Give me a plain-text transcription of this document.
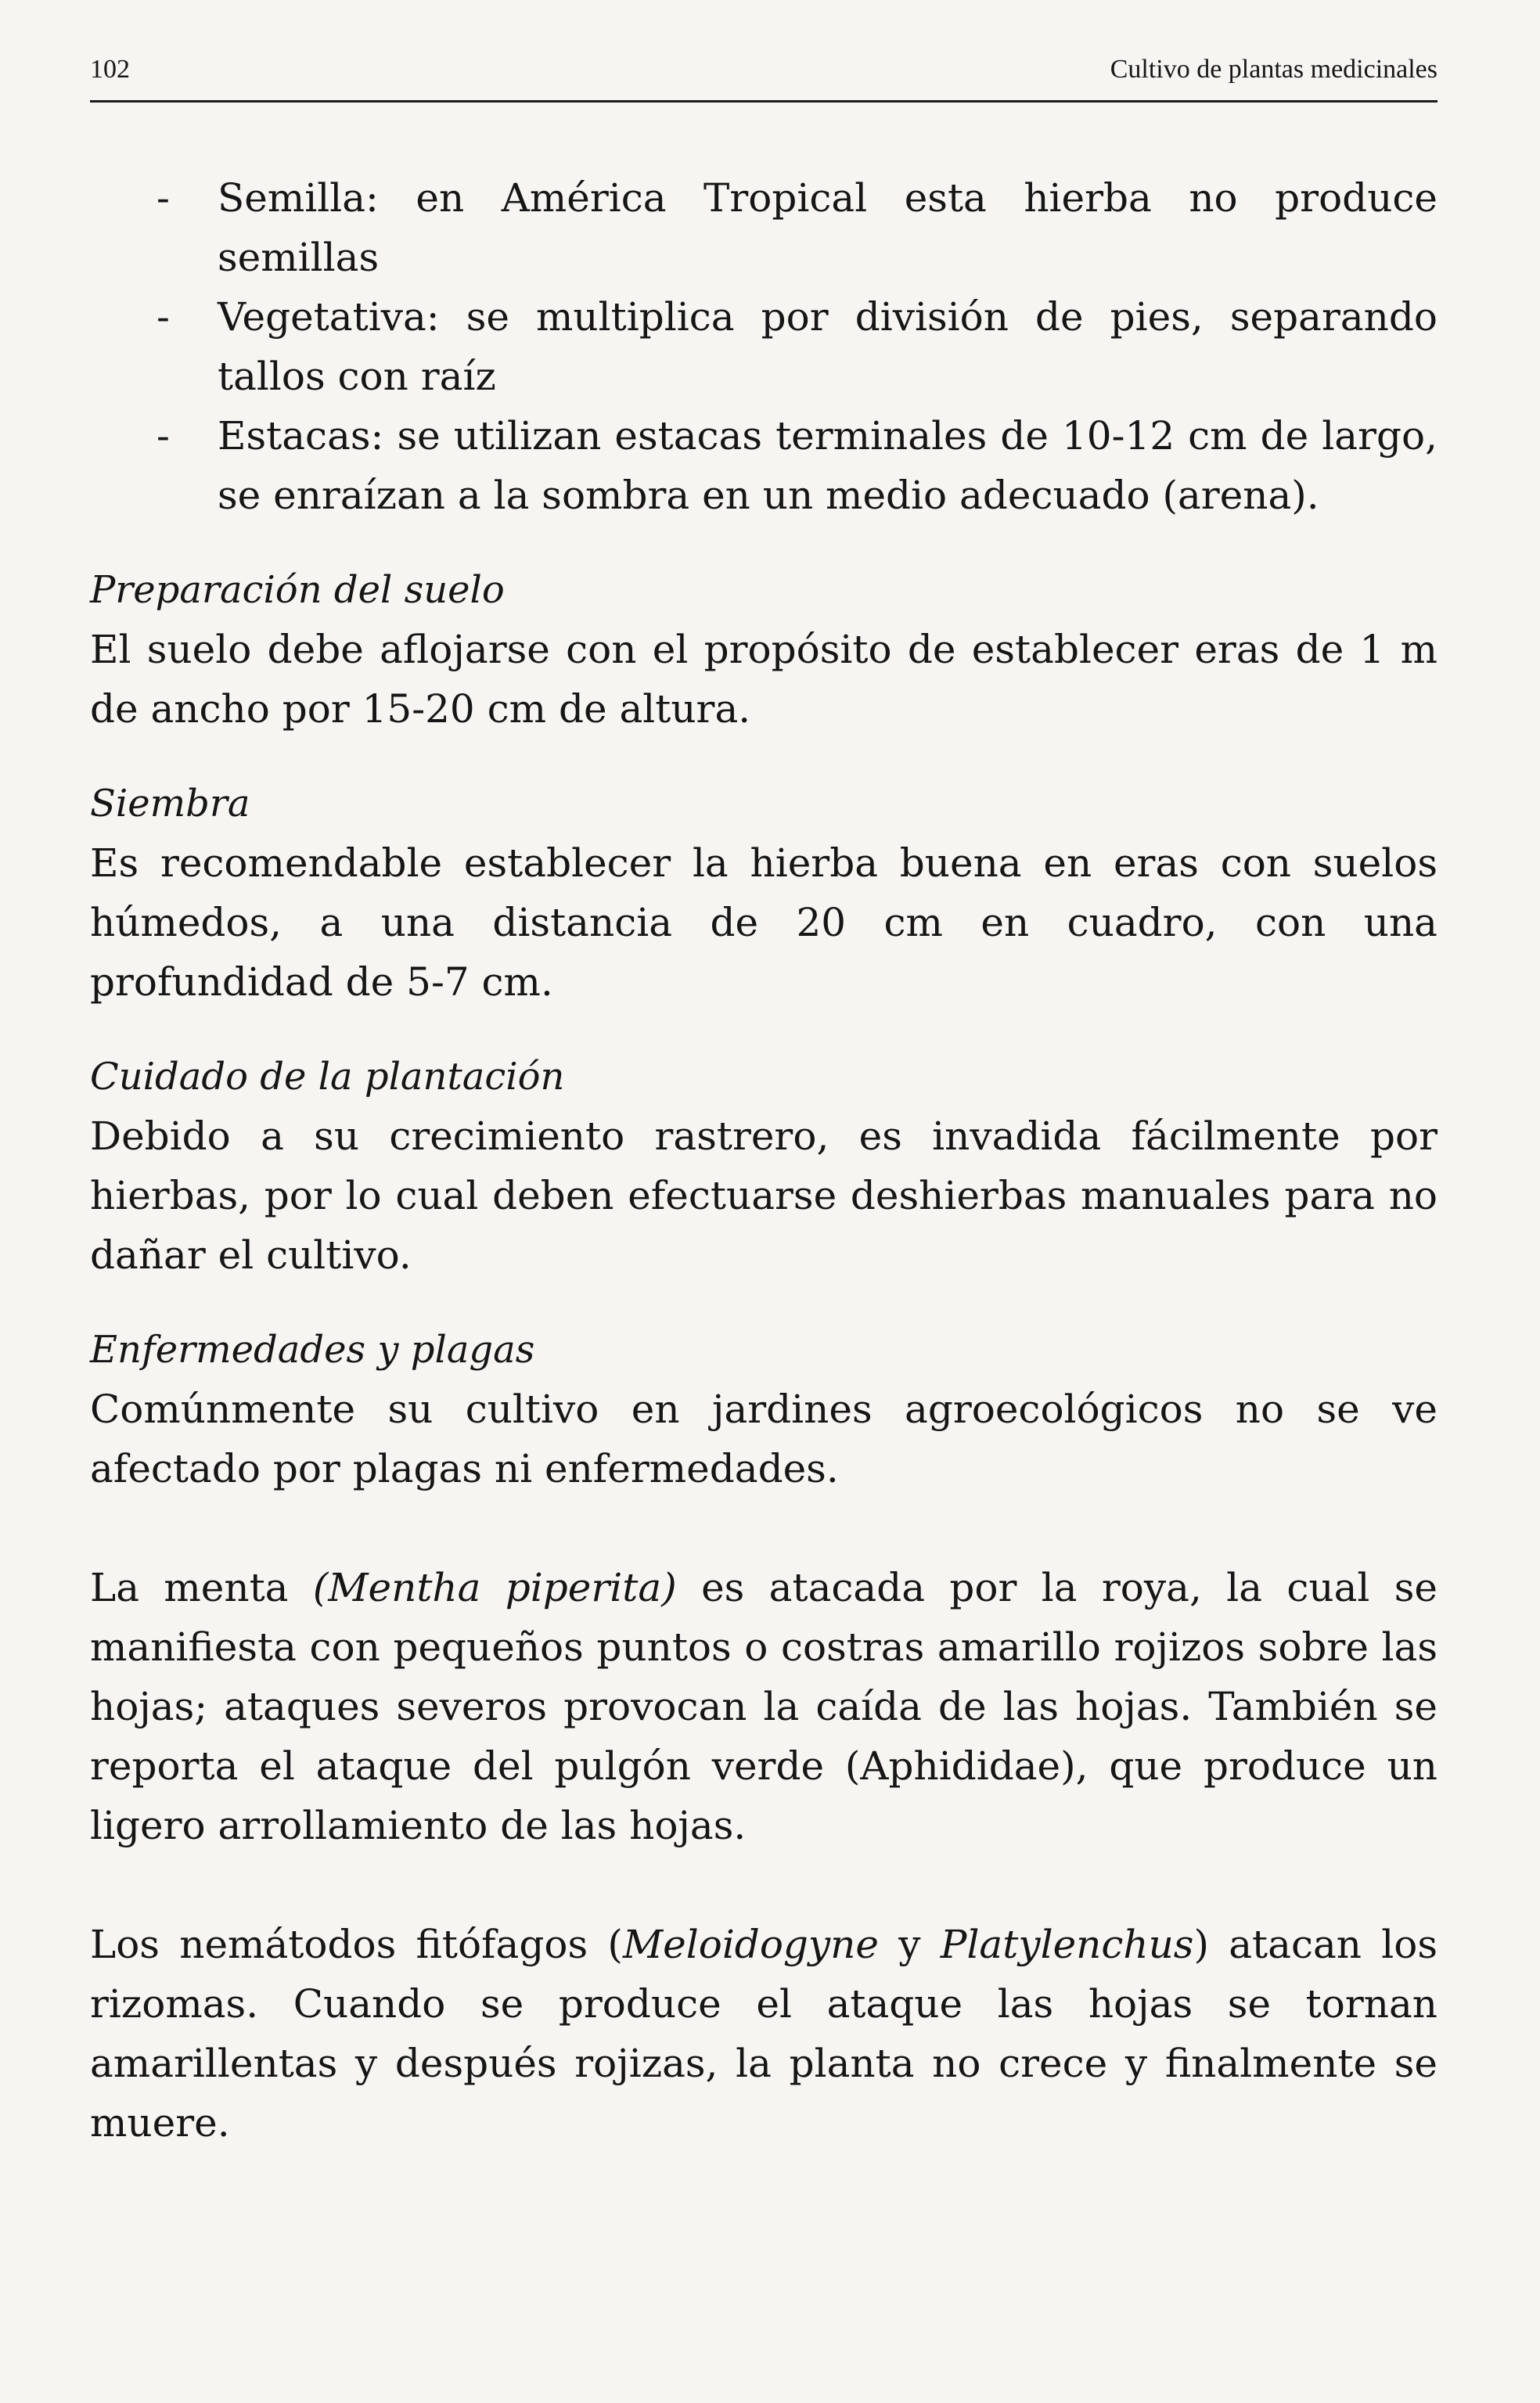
102	Cultivo de plantas medicinales
- Semilla: en América Tropical esta hierba no produce semillas
- Vegetativa: se multiplica por división de pies, separando tallos con raíz
- Estacas: se utilizan estacas terminales de 10-12 cm de largo, se enraízan a la sombra en un medio adecuado (arena).

Preparación del suelo

El suelo debe aflojarse con el propósito de establecer eras de 1 m de ancho por 15-20 cm de altura.

Siembra

Es recomendable establecer la hierba buena en eras con suelos húmedos, a una distancia de 20 cm en cuadro, con una profundidad de 5-7 cm.

Cuidado de la plantación

Debido a su crecimiento rastrero, es invadida fácilmente por hierbas, por lo cual deben efectuarse deshierbas manuales para no dañar el cultivo.

Enfermedades y plagas

Comúnmente su cultivo en jardines agroecológicos no se ve afectado por plagas ni enfermedades.

La menta (Mentha piperita) es atacada por la roya, la cual se manifiesta con pequeños puntos o costras amarillo rojizos sobre las hojas; ataques severos provocan la caída de las hojas. También se reporta el ataque del pulgón verde (Aphididae), que produce un ligero arrollamiento de las hojas.

Los nemátodos fitófagos (Meloidogyne y Platylenchus) atacan los rizomas. Cuando se produce el ataque las hojas se tornan amarillentas y después rojizas, la planta no crece y finalmente se muere.
